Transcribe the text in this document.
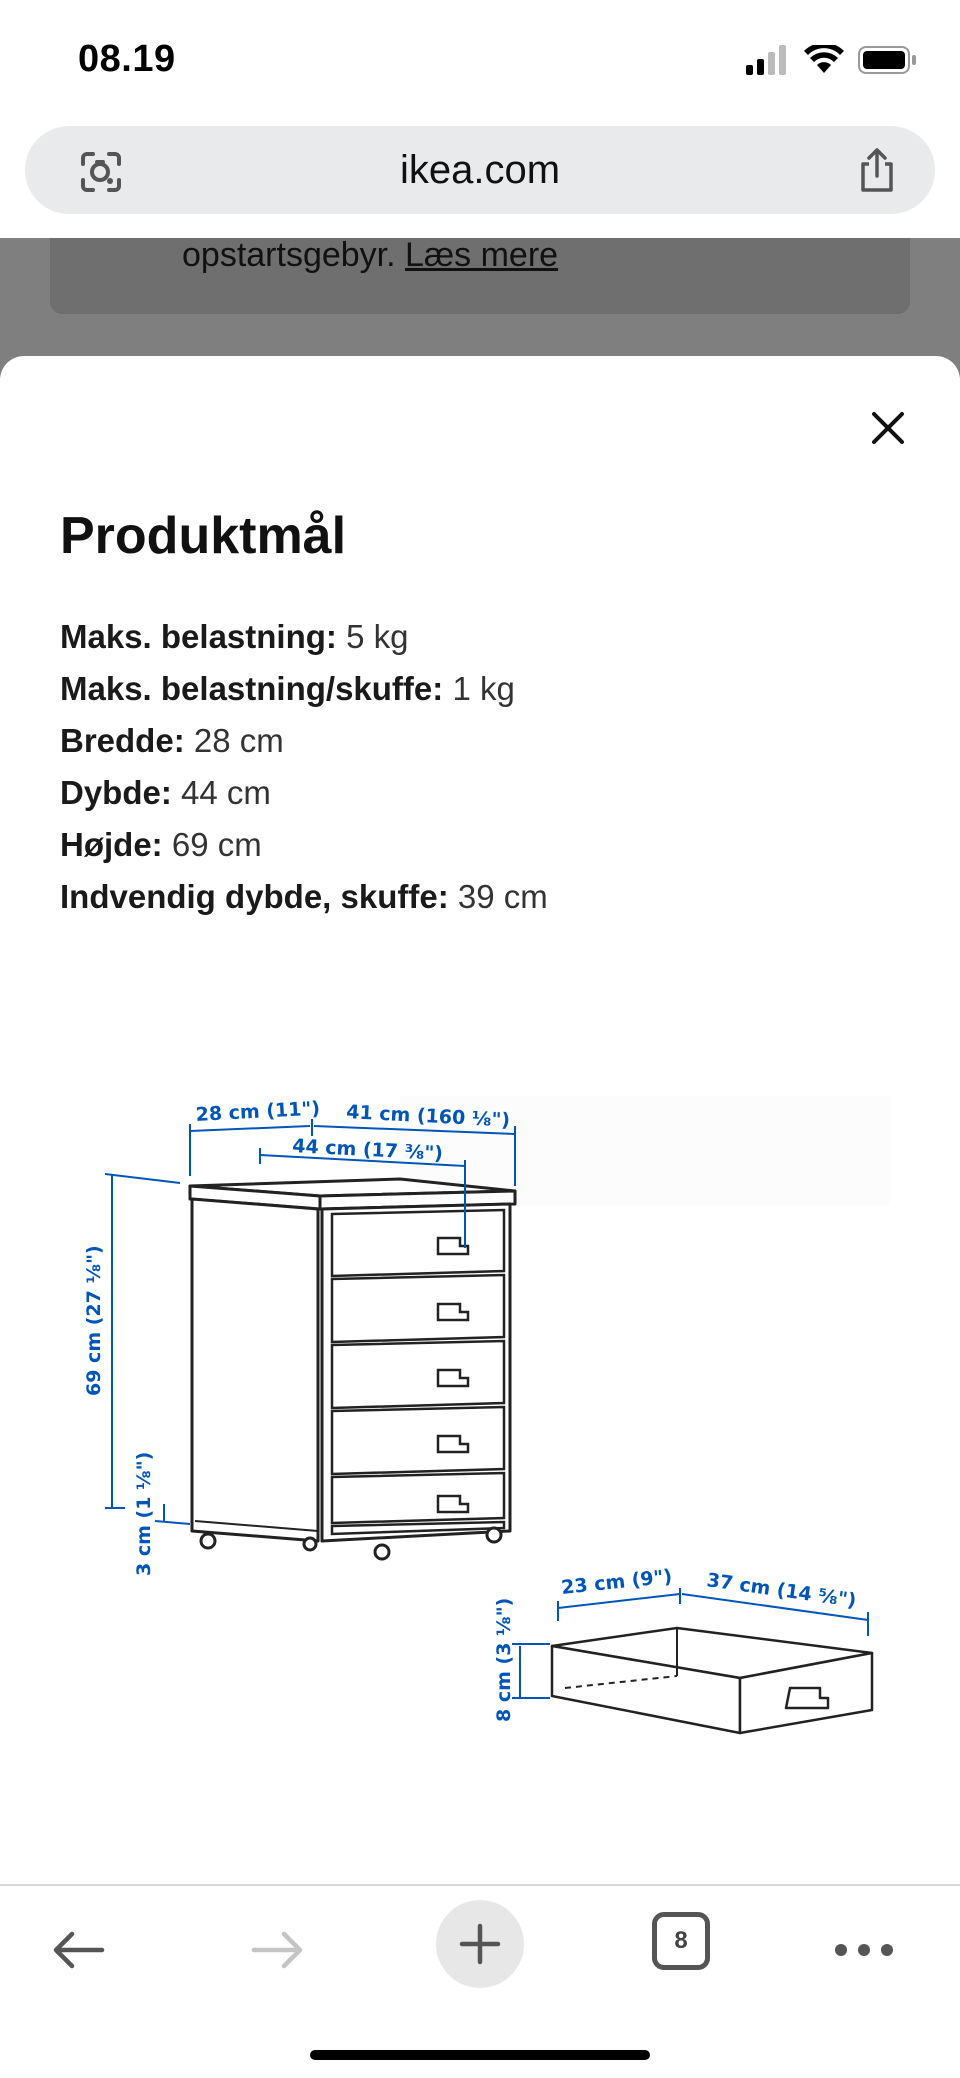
08.19
ikea.com
opstartsgebyr. Læs mere
Produktmål
Maks. belastning: 5 kg
Maks. belastning/skuffe: 1 kg
Bredde: 28 cm
Dybde: 44 cm
Højde: 69 cm
Indvendig dybde, skuffe: 39 cm
28 cm (11") 41 cm (160 ⅛")
44 cm (17 ⅜")
69 cm (27 ⅛")
3 cm (1 ⅛")
23 cm (9") 37 cm (14 ⅝")
8 cm (3 ⅛")
8
